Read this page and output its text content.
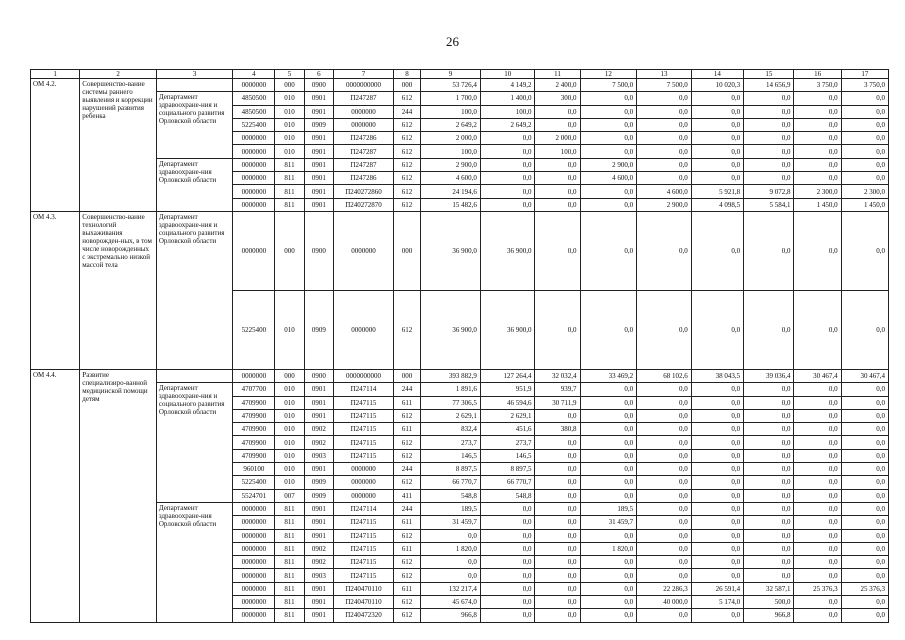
26
1	2	3	4	5	6	7	8	9	10	11	12	13	14	15	16	17
ОМ 4.2.	Совершенство-вание системы раннего выявления и коррекции нарушений развития ребенка		0000000	000	0900	0000000000	000	53 726,4	4 149,2	2 400,0	7 500,0	7 500,0	10 020,3	14 656,9	3 750,0	3 750,0
		Департамент здравоохране-ния и социального развития Орловской области	4850500	010	0901	П247287	612	1 700,0	1 400,0	300,0	0,0	0,0	0,0	0,0	0,0	0,0
			4850500	010	0901	0000000	244	100,0	100,0	0,0	0,0	0,0	0,0	0,0	0,0	0,0
			5225400	010	0909	0000000	612	2 649,2	2 649,2	0,0	0,0	0,0	0,0	0,0	0,0	0,0
			0000000	010	0901	П247286	612	2 000,0	0,0	2 000,0	0,0	0,0	0,0	0,0	0,0	0,0
			0000000	010	0901	П247287	612	100,0	0,0	100,0	0,0	0,0	0,0	0,0	0,0	0,0
		Департамент здравоохране-ния Орловской области	0000000	811	0901	П247287	612	2 900,0	0,0	0,0	2 900,0	0,0	0,0	0,0	0,0	0,0
			0000000	811	0901	П247286	612	4 600,0	0,0	0,0	4 600,0	0,0	0,0	0,0	0,0	0,0
			0000000	811	0901	П240272860	612	24 194,6	0,0	0,0	0,0	4 600,0	5 921,8	9 072,8	2 300,0	2 300,0
			0000000	811	0901	П240272870	612	15 482,6	0,0	0,0	0,0	2 900,0	4 098,5	5 584,1	1 450,0	1 450,0
ОМ 4.3.	Совершенство-вание технологий выхаживания новорожден-ных, в том числе новорожденных с экстремально низкой массой тела	Департамент здравоохране-ния и социального развития Орловской области	0000000	000	0900	0000000	000	36 900,0	36 900,0	0,0	0,0	0,0	0,0	0,0	0,0	0,0
			5225400	010	0909	0000000	612	36 900,0	36 900,0	0,0	0,0	0,0	0,0	0,0	0,0	0,0
ОМ 4.4.	Развитие специализиро-ванной медицинской помощи детям		0000000	000	0900	0000000000	000	393 882,9	127 264,4	32 032,4	33 469,2	68 102,6	38 043,5	39 036,4	30 467,4	30 467,4
		Департамент здравоохране-ния и социального развития Орловской области	4707700	010	0901	П247114	244	1 891,6	951,9	939,7	0,0	0,0	0,0	0,0	0,0	0,0
			4709900	010	0901	П247115	611	77 306,5	46 594,6	30 711,9	0,0	0,0	0,0	0,0	0,0	0,0
			4709900	010	0901	П247115	612	2 629,1	2 629,1	0,0	0,0	0,0	0,0	0,0	0,0	0,0
			4709900	010	0902	П247115	611	832,4	451,6	380,8	0,0	0,0	0,0	0,0	0,0	0,0
			4709900	010	0902	П247115	612	273,7	273,7	0,0	0,0	0,0	0,0	0,0	0,0	0,0
			4709900	010	0903	П247115	612	146,5	146,5	0,0	0,0	0,0	0,0	0,0	0,0	0,0
			960100	010	0901	0000000	244	8 897,5	8 897,5	0,0	0,0	0,0	0,0	0,0	0,0	0,0
			5225400	010	0909	0000000	612	66 770,7	66 770,7	0,0	0,0	0,0	0,0	0,0	0,0	0,0
			5524701	007	0909	0000000	411	548,8	548,8	0,0	0,0	0,0	0,0	0,0	0,0	0,0
		Департамент здравоохране-ния Орловской области	0000000	811	0901	П247114	244	189,5	0,0	0,0	189,5	0,0	0,0	0,0	0,0	0,0
			0000000	811	0901	П247115	611	31 459,7	0,0	0,0	31 459,7	0,0	0,0	0,0	0,0	0,0
			0000000	811	0901	П247115	612	0,0	0,0	0,0	0,0	0,0	0,0	0,0	0,0	0,0
			0000000	811	0902	П247115	611	1 820,0	0,0	0,0	1 820,0	0,0	0,0	0,0	0,0	0,0
			0000000	811	0902	П247115	612	0,0	0,0	0,0	0,0	0,0	0,0	0,0	0,0	0,0
			0000000	811	0903	П247115	612	0,0	0,0	0,0	0,0	0,0	0,0	0,0	0,0	0,0
			0000000	811	0901	П240470110	611	132 217,4	0,0	0,0	0,0	22 286,3	26 591,4	32 587,1	25 376,3	25 376,3
			0000000	811	0901	П240470110	612	45 674,0	0,0	0,0	0,0	40 000,0	5 174,0	500,0	0,0	0,0
			0000000	811	0901	П240472320	612	966,8	0,0	0,0	0,0	0,0	0,0	966,8	0,0	0,0
